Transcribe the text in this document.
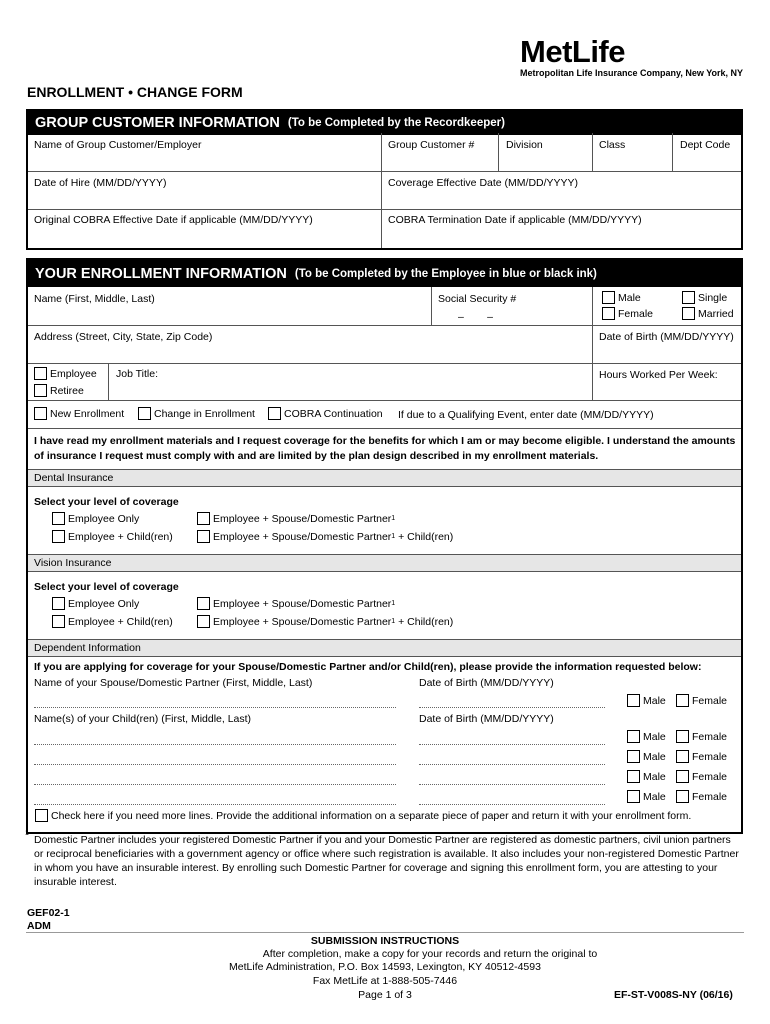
MetLife
Metropolitan Life Insurance Company, New York, NY
ENROLLMENT • CHANGE FORM
GROUP CUSTOMER INFORMATION (To be Completed by the Recordkeeper)
Name of Group Customer/Employer	Group Customer #	Division	Class	Dept Code
Date of Hire (MM/DD/YYYY)	Coverage Effective Date (MM/DD/YYYY)
Original COBRA Effective Date if applicable (MM/DD/YYYY)	COBRA Termination Date if applicable (MM/DD/YYYY)
YOUR ENROLLMENT INFORMATION (To be Completed by the Employee in blue or black ink)
Name (First, Middle, Last)	Social Security #
–        –
Male
Female
Single
Married
Address (Street, City, State, Zip Code)	Date of Birth (MM/DD/YYYY)
Employee
Retiree
Job Title:	Hours Worked Per Week:
New Enrollment	Change in Enrollment	COBRA Continuation If due to a Qualifying Event, enter date (MM/DD/YYYY)
I have read my enrollment materials and I request coverage for the benefits for which I am or may become eligible. I understand the amounts of insurance I request must comply with and are limited by the plan design described in my enrollment materials.
Dental Insurance
Select your level of coverage
Employee Only
Employee + Child(ren)
Employee + Spouse/Domestic Partner 1
Employee + Spouse/Domestic Partner 1
+ Child(ren)
Vision Insurance
Select your level of coverage
Employee Only
Employee + Child(ren)
Employee + Spouse/Domestic Partner 1
Employee + Spouse/Domestic Partner 1
+ Child(ren)
Dependent Information
If you are applying for coverage for your Spouse/Domestic Partner and/or Child(ren), please provide the information requested below:
Name of your Spouse/Domestic Partner (First, Middle, Last)	Date of Birth (MM/DD/YYYY)
Male Female
Name(s) of your Child(ren) (First, Middle, Last)	Date of Birth (MM/DD/YYYY)
Male Female
Male Female
Male Female
Male Female
Check here if you need more lines. Provide the additional information on a separate piece of paper and return it with your enrollment form.
1
Domestic Partner includes your registered Domestic Partner if you and your Domestic Partner are registered as domestic partners, civil union partners or reciprocal beneficiaries with a government agency or office where such registration is available. It also includes your non-registered Domestic Partner in whom you have an insurable interest. By enrolling such Domestic Partner for coverage and signing this enrollment form, you are attesting to your insurable interest.
GEF02-1
ADM
SUBMISSION INSTRUCTIONS
After completion, make a copy for your records and return the original to
MetLife Administration, P.O. Box 14593, Lexington, KY 40512-4593
Fax MetLife at 1-888-505-7446
Page 1 of 3	EF-ST-V008S-NY (06/16)
